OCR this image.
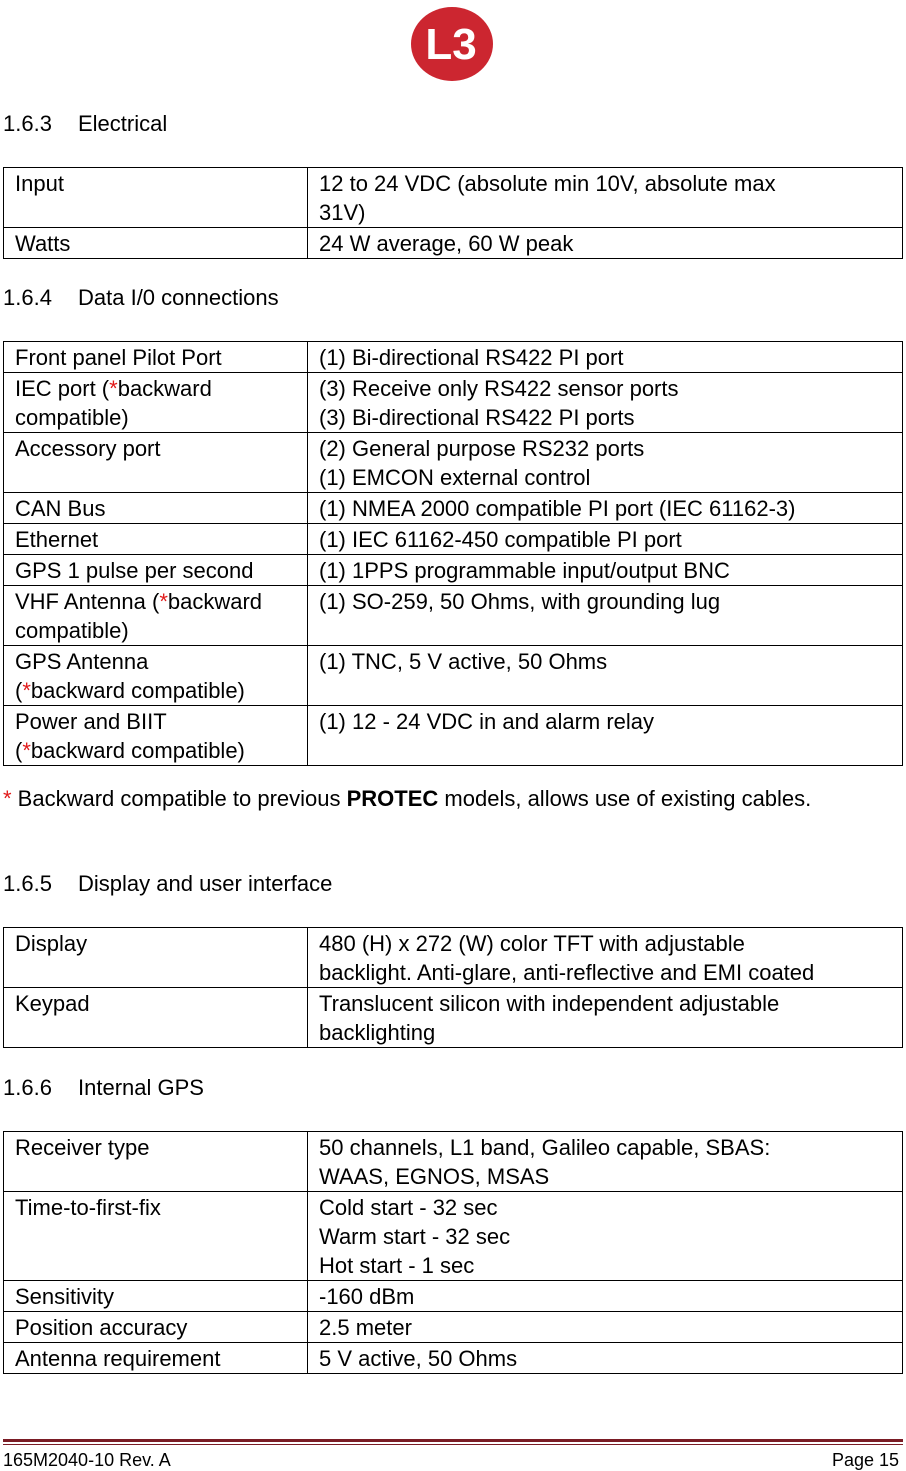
L3
1.6.3 Electrical
Input	12 to 24 VDC (absolute min 10V, absolute max
31V)

Watts	24 W average, 60 W peak
1.6.4 Data I/0 connections
Front panel Pilot Port	(1) Bi-directional RS422 PI port
IEC port (*backward
compatible)	(3) Receive only RS422 sensor ports
(3) Bi-directional RS422 PI ports

Accessory port	(2) General purpose RS232 ports
(1) EMCON external control

CAN Bus	(1) NMEA 2000 compatible PI port (IEC 61162-3)
Ethernet	(1) IEC 61162-450 compatible PI port
GPS 1 pulse per second	(1) 1PPS programmable input/output BNC
VHF Antenna (*backward
compatible)	(1) SO-259, 50 Ohms, with grounding lug

GPS Antenna
(*backward compatible)	(1) TNC, 5 V active, 50 Ohms

Power and BIIT
(*backward compatible)	(1) 12 - 24 VDC in and alarm relay
* Backward compatible to previous PROTEC models, allows use of existing cables.
1.6.5 Display and user interface
Display	480 (H) x 272 (W) color TFT with adjustable
backlight. Anti-glare, anti-reflective and EMI coated

Keypad	Translucent silicon with independent adjustable
backlighting
1.6.6 Internal GPS
Receiver type	50 channels, L1 band, Galileo capable, SBAS:
WAAS, EGNOS, MSAS

Time-to-first-fix	Cold start - 32 sec
Warm start - 32 sec
Hot start - 1 sec

Sensitivity	-160 dBm
Position accuracy	2.5 meter
Antenna requirement	5 V active, 50 Ohms
165M2040-10 Rev. A	Page 15
